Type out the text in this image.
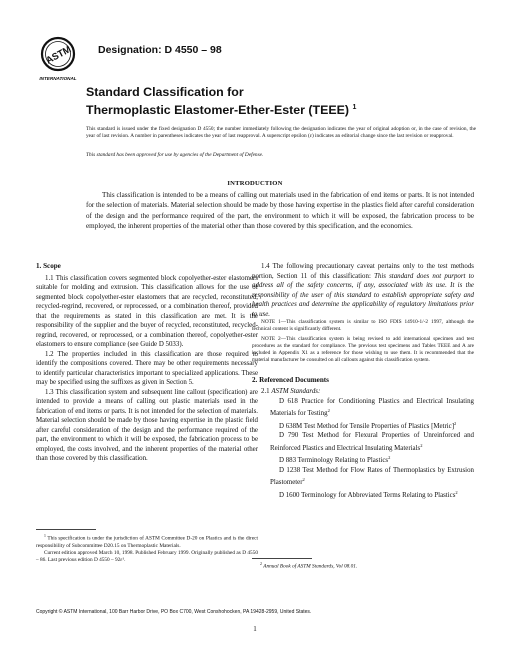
ASTM
INTERNATIONAL
Designation: D 4550 – 98
Standard Classification for
Thermoplastic Elastomer-Ether-Ester (TEEE) $^1$
This standard is issued under the fixed designation D 4550; the number immediately following the designation indicates the year of original adoption or, in the case of revision, the year of last revision. A number in parentheses indicates the year of last reapproval. A superscript epsilon (ε) indicates an editorial change since the last revision or reapproval.
This standard has been approved for use by agencies of the Department of Defense.
INTRODUCTION
This classification is intended to be a means of calling out materials used in the fabrication of end items or parts. It is not intended for the selection of materials. Material selection should be made by those having expertise in the plastics field after careful consideration of the design and the performance required of the part, the environment to which it will be exposed, the fabrication process to be employed, the inherent properties of the material other than those covered by this specification, and the economics.
1. Scope

1.1 This classification covers segmented block copolyether-ester elastomers suitable for molding and extrusion. This classification allows for the use of segmented block copolyether-ester elastomers that are recycled, reconstituted, recycled-regrind, recovered, or reprocessed, or a combination thereof, provided that the requirements as stated in this classification are met. It is the responsibility of the supplier and the buyer of recycled, reconstituted, recycled-regrind, recovered, or reprocessed, or a combination thereof, copolyether-ester elastomers to ensure compliance (see Guide D 5033).

1.2 The properties included in this classification are those required to identify the compositions covered. There may be other requirements necessary to identify particular characteristics important to specialized applications. These may be specified using the suffixes as given in Section 5.

1.3 This classification system and subsequent line callout (specification) are intended to provide a means of calling out plastic materials used in the fabrication of end items or parts. It is not intended for the selection of materials. Material selection should be made by those having expertise in the plastic field after careful consideration of the design and the performance required of the part, the environment to which it will be exposed, the fabrication process to be employed, the costs involved, and the inherent properties of the material other than those covered by this classification.

1.4 The following precautionary caveat pertains only to the test methods portion, Section 11 of this classification: This standard does not purport to address all of the safety concerns, if any, associated with its use. It is the responsibility of the user of this standard to establish appropriate safety and health practices and determine the applicability of regulatory limitations prior to use.

NOTE 1—This classification system is similar to ISO FDIS 14910-1/-2 1997, although the technical content is significantly different.

NOTE 2—This classification system is being revised to add international specimen and test procedures as the standard for compliance. The previous test specimens and Tables TEEE and A are included in Appendix X1 as a reference for those wishing to use them. It is recommended that the material manufacturer be consulted on all callouts against this classification system.

2. Referenced Documents

2.1 ASTM Standards:

D 618 Practice for Conditioning Plastics and Electrical Insulating Materials for Testing$^2$

D 638M Test Method for Tensile Properties of Plastics [Metric]$^2$

D 790 Test Method for Flexural Properties of Unreinforced and Reinforced Plastics and Electrical Insulating Materials$^2$

D 883 Terminology Relating to Plastics$^2$

D 1238 Test Method for Flow Rates of Thermoplastics by Extrusion Plastometer$^2$

D 1600 Terminology for Abbreviated Terms Relating to Plastics$^2$

$^1$ This specification is under the jurisdiction of ASTM Committee D-20 on Plastics and is the direct responsibility of Subcommittee D20.15 on Thermoplastic Materials.

Current edition approved March 10, 1998. Published February 1999. Originally published as D 4550 – 86. Last previous edition D 4550 – 92ε¹.

$^2$ Annual Book of ASTM Standards, Vol 08.01.

Copyright © ASTM International, 100 Barr Harbor Drive, PO Box C700, West Conshohocken, PA 19428-2959, United States.
1
